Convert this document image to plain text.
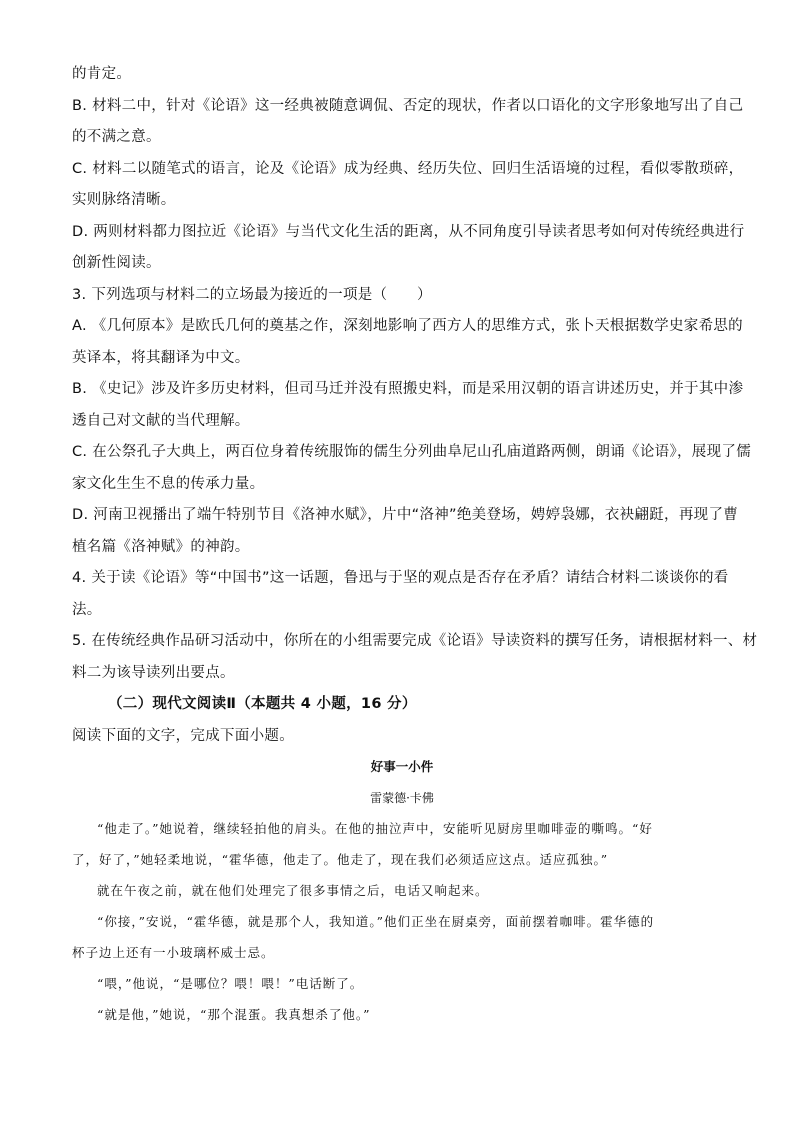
的肯定。
B. 材料二中，针对《论语》这一经典被随意调侃、否定的现状，作者以口语化的文字形象地写出了自己
的不满之意。
C. 材料二以随笔式的语言，论及《论语》成为经典、经历失位、回归生活语境的过程，看似零散琐碎，
实则脉络清晰。
D. 两则材料都力图拉近《论语》与当代文化生活的距离，从不同角度引导读者思考如何对传统经典进行
创新性阅读。
3. 下列选项与材料二的立场最为接近的一项是（　　）
A. 《几何原本》是欧氏几何的奠基之作，深刻地影响了西方人的思维方式，张卜天根据数学史家希思的
英译本，将其翻译为中文。
B. 《史记》涉及许多历史材料，但司马迁并没有照搬史料，而是采用汉朝的语言讲述历史，并于其中渗
透自己对文献的当代理解。
C. 在公祭孔子大典上，两百位身着传统服饰的儒生分列曲阜尼山孔庙道路两侧，朗诵《论语》，展现了儒
家文化生生不息的传承力量。
D. 河南卫视播出了端午特别节目《洛神水赋》，片中“洛神”绝美登场，娉婷袅娜，衣袂翩跹，再现了曹
植名篇《洛神赋》的神韵。
4. 关于读《论语》等“中国书”这一话题，鲁迅与于坚的观点是否存在矛盾？请结合材料二谈谈你的看
法。
5. 在传统经典作品研习活动中，你所在的小组需要完成《论语》导读资料的撰写任务，请根据材料一、材
料二为该导读列出要点。
（二）现代文阅读Ⅱ（本题共 4 小题，16 分）
阅读下面的文字，完成下面小题。
好事一小件
雷蒙德·卡佛
“他走了。”她说着，继续轻拍他的肩头。在他的抽泣声中，安能听见厨房里咖啡壶的嘶鸣。“好
了，好了，”她轻柔地说，“霍华德，他走了。他走了，现在我们必须适应这点。适应孤独。”
就在午夜之前，就在他们处理完了很多事情之后，电话又响起来。
“你接，”安说，“霍华德，就是那个人，我知道。”他们正坐在厨桌旁，面前摆着咖啡。霍华德的
杯子边上还有一小玻璃杯威士忌。
“喂，”他说，“是哪位？喂！喂！”电话断了。
“就是他，”她说，“那个混蛋。我真想杀了他。”
